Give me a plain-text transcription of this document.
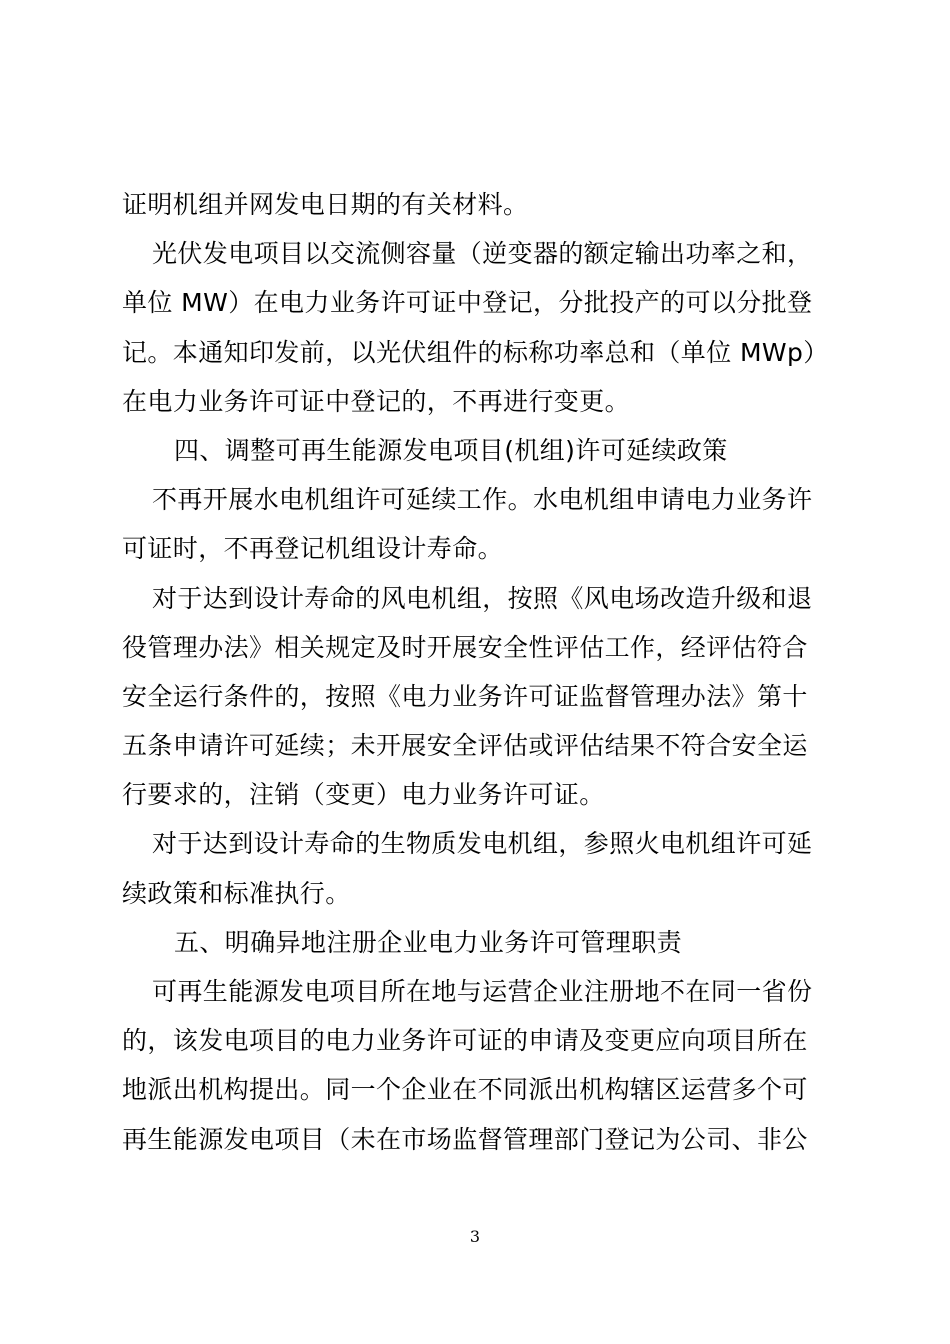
证明机组并网发电日期的有关材料。
光伏发电项目以交流侧容量（逆变器的额定输出功率之和，
单位 MW）在电力业务许可证中登记，分批投产的可以分批登
记。本通知印发前，以光伏组件的标称功率总和（单位 MWp）
在电力业务许可证中登记的，不再进行变更。
四、调整可再生能源发电项目(机组)许可延续政策
不再开展水电机组许可延续工作。水电机组申请电力业务许
可证时，不再登记机组设计寿命。
对于达到设计寿命的风电机组，按照《风电场改造升级和退
役管理办法》相关规定及时开展安全性评估工作，经评估符合
安全运行条件的，按照《电力业务许可证监督管理办法》第十
五条申请许可延续；未开展安全评估或评估结果不符合安全运
行要求的，注销（变更）电力业务许可证。
对于达到设计寿命的生物质发电机组，参照火电机组许可延
续政策和标准执行。
五、明确异地注册企业电力业务许可管理职责
可再生能源发电项目所在地与运营企业注册地不在同一省份
的，该发电项目的电力业务许可证的申请及变更应向项目所在
地派出机构提出。同一个企业在不同派出机构辖区运营多个可
再生能源发电项目（未在市场监督管理部门登记为公司、非公
3
